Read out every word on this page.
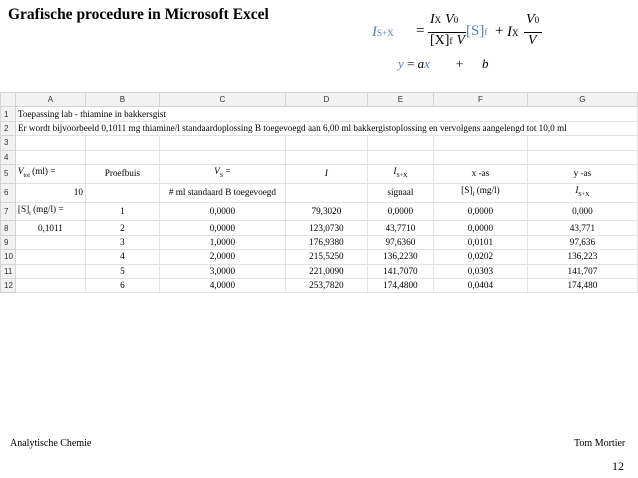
Grafische procedure in Microsoft Excel
IS+X =
IX V0
[X]f V
[S]f + IX
V0
V
y = ax + b
	A	B	C	D	E	F	G
1	Toepassing lab - thiamine in bakkersgist						
2	Er wordt bijvoorbeeld 0,1011 mg thiamine/l standaardoplossing B toegevoegd aan 6,00 ml bakkergistoplossing en vervolgens aangelengd tot 10,0 ml						
3							
4							
5	$V_{tot}$ (ml) =	Proefbuis	$V_S$ =	I	$I_{S+X}$	x -as	y -as
6	10		# ml standaard B toegevoegd		signaal	$[S]_f$ (mg/l)	$I_{S+X}$
7	$[S]_i$ (mg/l) =	1	0,0000	79,3020	0,0000	0,0000	0,000
8	0,1011	2	0,0000	123,0730	43,7710	0,0000	43,771
9		3	1,0000	176,9380	97,6360	0,0101	97,636
10		4	2,0000	215,5250	136,2230	0,0202	136,223
11		5	3,0000	221,0090	141,7070	0,0303	141,707
12		6	4,0000	253,7820	174,4800	0,0404	174,480
Analytische Chemie	Tom Mortier
12
